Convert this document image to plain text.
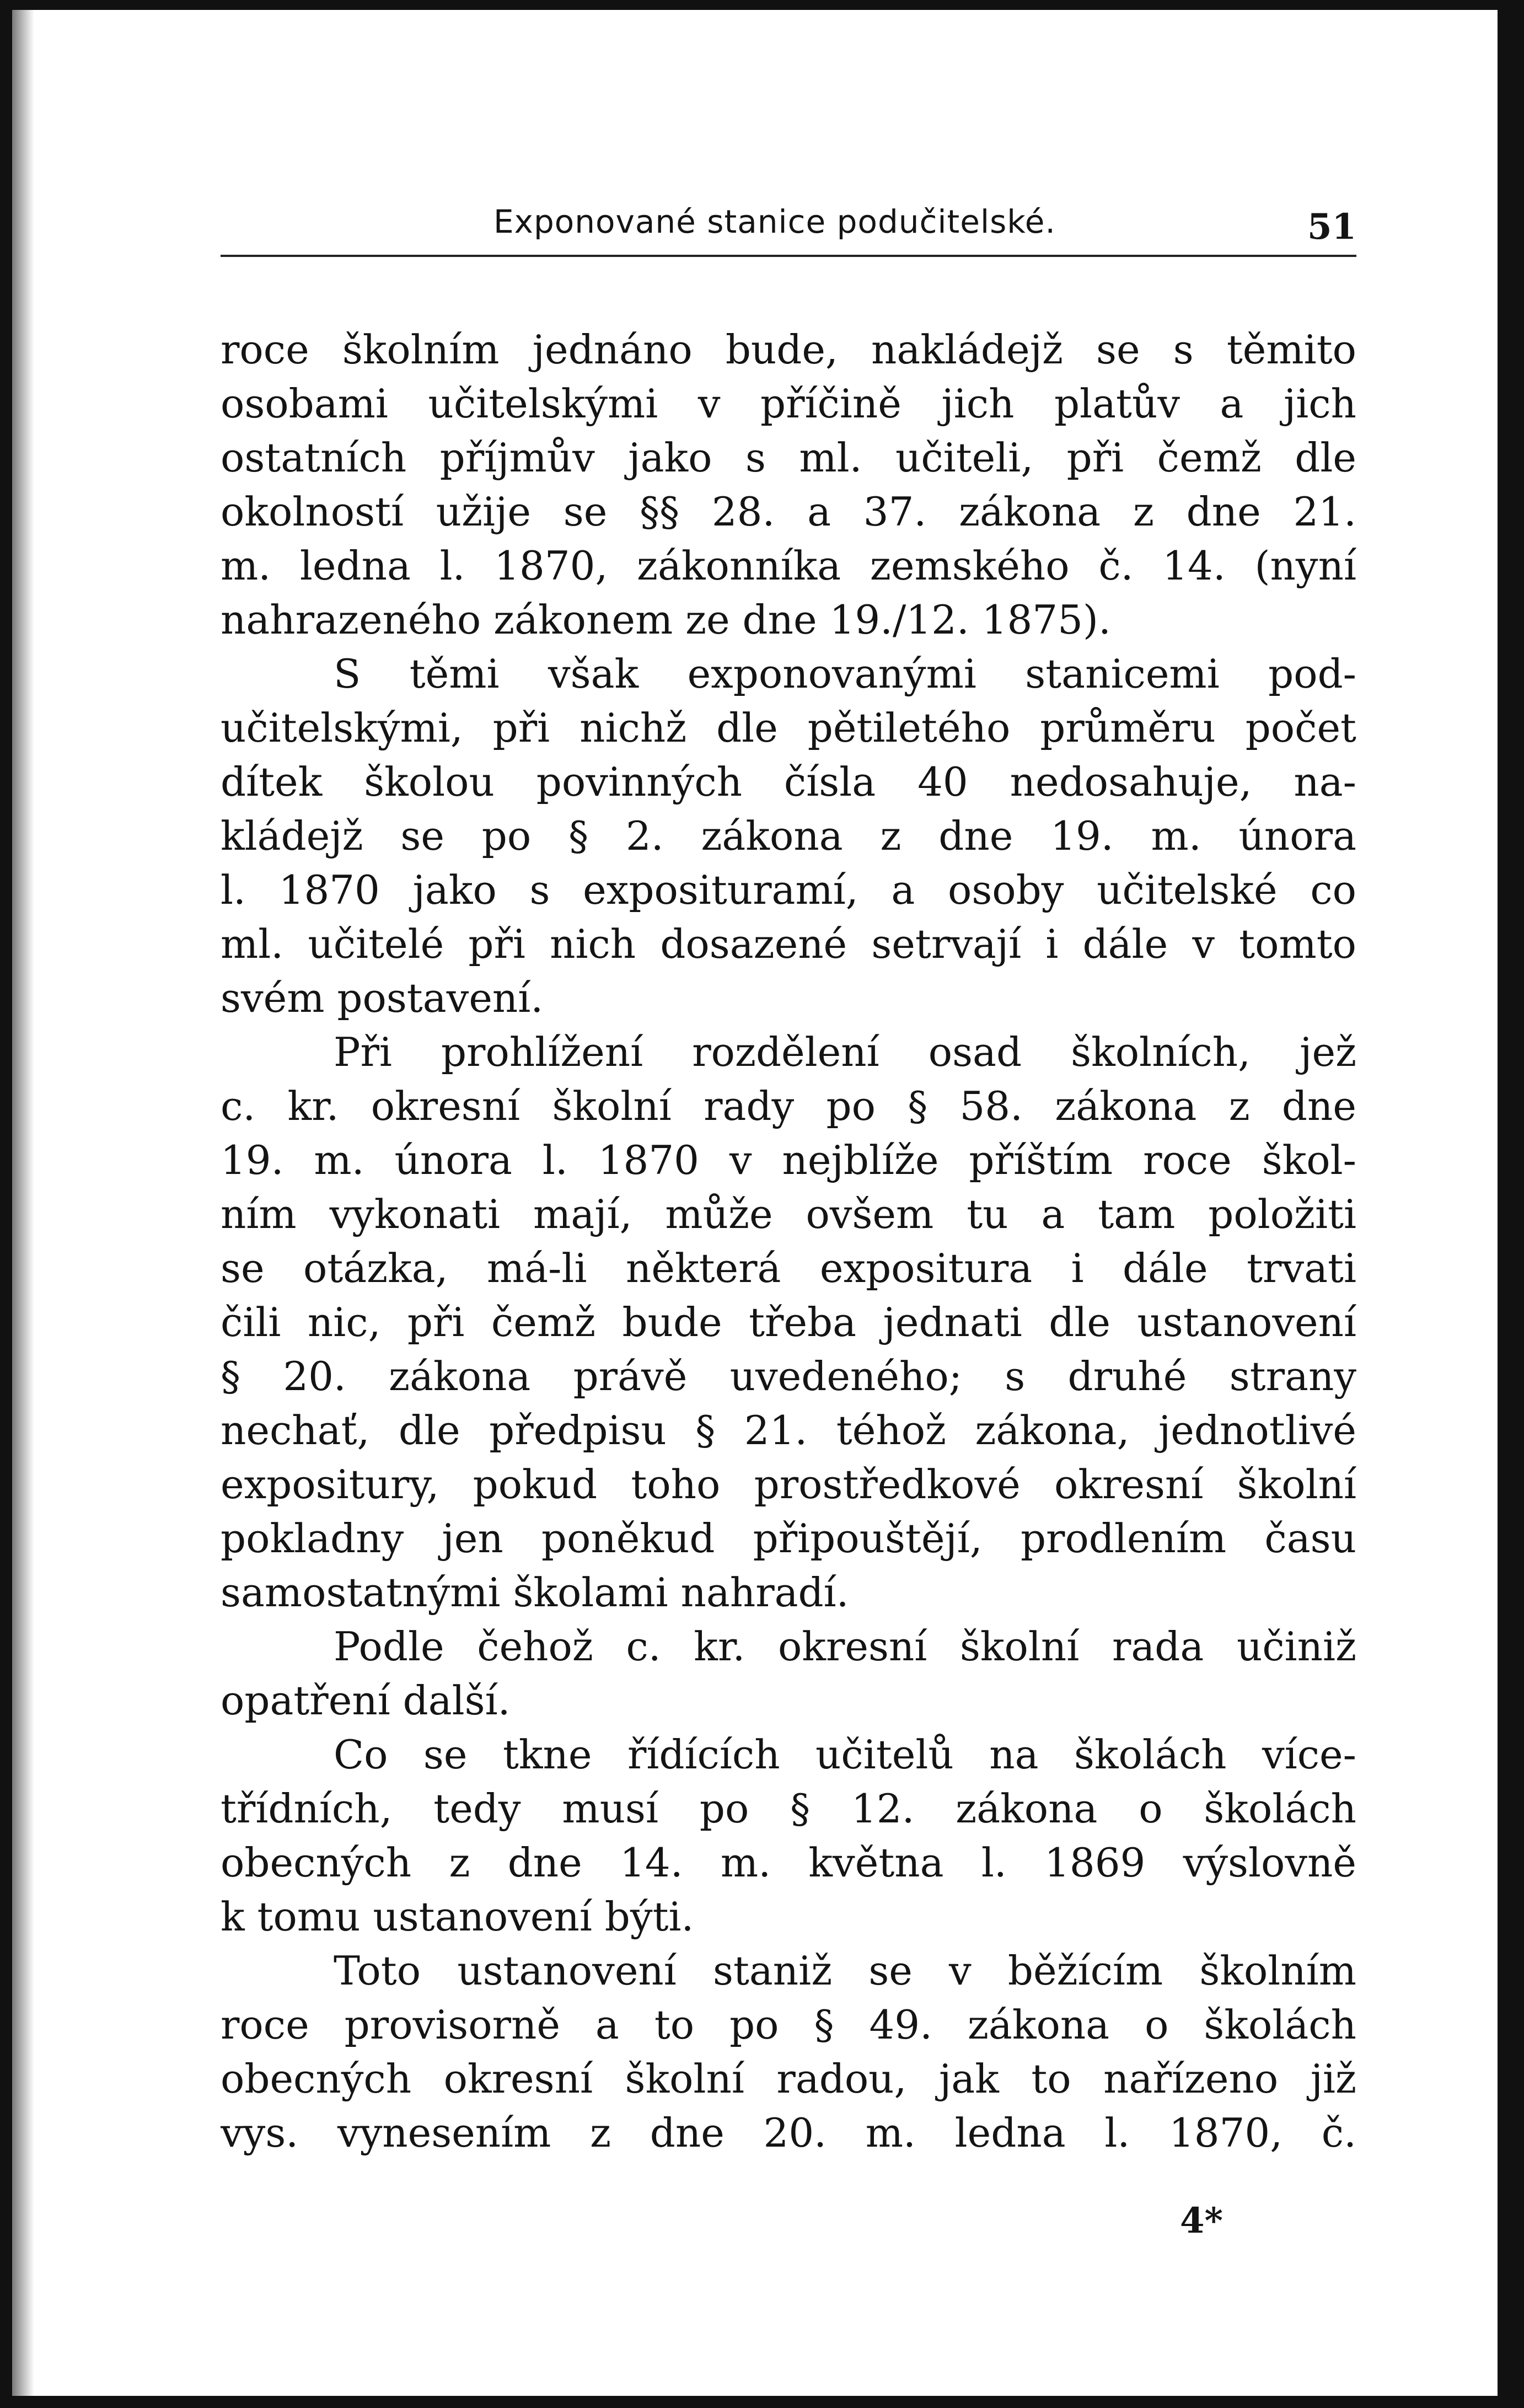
Exponované stanice podučitelské.	51
roce školním jednáno bude, nakládejž se s těmito
osobami učitelskými v příčině jich platův a jich
ostatních příjmův jako s ml. učiteli, při čemž dle
okolností užije se §§ 28. a 37. zákona z dne 21.
m. ledna l. 1870, zákonníka zemského č. 14. (nyní
nahrazeného zákonem ze dne 19./12. 1875).
S těmi však exponovanými stanicemi pod-
učitelskými, při nichž dle pětiletého průměru počet
dítek školou povinných čísla 40 nedosahuje, na-
kládejž se po § 2. zákona z dne 19. m. února
l. 1870 jako s exposituramí, a osoby učitelské co
ml. učitelé při nich dosazené setrvají i dále v tomto
svém postavení.
Při prohlížení rozdělení osad školních, jež
c. kr. okresní školní rady po § 58. zákona z dne
19. m. února l. 1870 v nejblíže příštím roce škol-
ním vykonati mají, může ovšem tu a tam položiti
se otázka, má-li některá expositura i dále trvati
čili nic, při čemž bude třeba jednati dle ustanovení
§ 20. zákona právě uvedeného; s druhé strany
nechať, dle předpisu § 21. téhož zákona, jednotlivé
expositury, pokud toho prostředkové okresní školní
pokladny jen poněkud připouštějí, prodlením času
samostatnými školami nahradí.
Podle čehož c. kr. okresní školní rada učiniž
opatření další.
Co se tkne řídících učitelů na školách více-
třídních, tedy musí po § 12. zákona o školách
obecných z dne 14. m. května l. 1869 výslovně
k tomu ustanovení býti.
Toto ustanovení staniž se v běžícím školním
roce provisorně a to po § 49. zákona o školách
obecných okresní školní radou, jak to nařízeno již
vys. vynesením z dne 20. m. ledna l. 1870, č.
4*
